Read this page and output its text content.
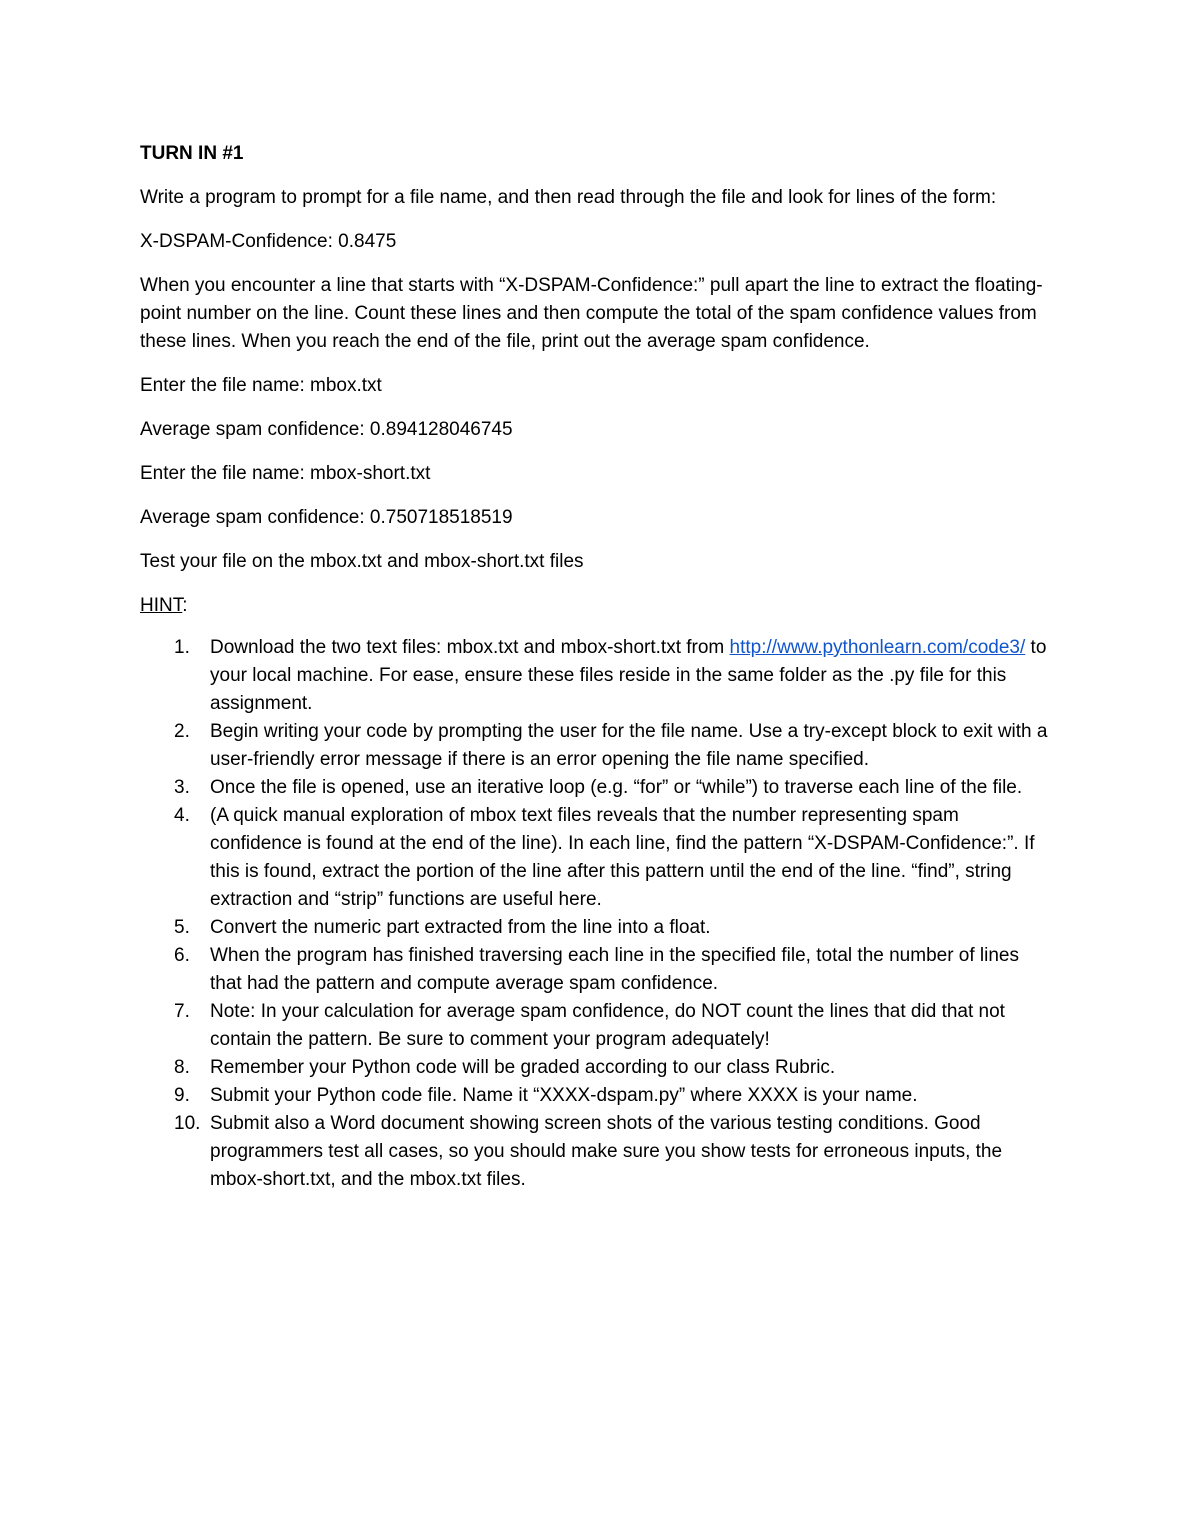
TURN IN #1

Write a program to prompt for a file name, and then read through the file and look for lines of the form:

X-DSPAM-Confidence: 0.8475

When you encounter a line that starts with “X-DSPAM-Confidence:” pull apart the line to extract the floating-point number on the line. Count these lines and then compute the total of the spam confidence values from these lines. When you reach the end of the file, print out the average spam confidence.

Enter the file name: mbox.txt

Average spam confidence: 0.894128046745

Enter the file name: mbox-short.txt

Average spam confidence: 0.750718518519

Test your file on the mbox.txt and mbox-short.txt files

HINT:

1.	Download the two text files: mbox.txt and mbox-short.txt from http://www.pythonlearn.com/code3/ to your local machine. For ease, ensure these files reside in the same folder as the .py file for this assignment.
2.	Begin writing your code by prompting the user for the file name. Use a try-except block to exit with a user-friendly error message if there is an error opening the file name specified.
3.	Once the file is opened, use an iterative loop (e.g. “for” or “while”) to traverse each line of the file.
4.	(A quick manual exploration of mbox text files reveals that the number representing spam confidence is found at the end of the line). In each line, find the pattern “X-DSPAM-Confidence:”. If this is found, extract the portion of the line after this pattern until the end of the line. “find”, string extraction and “strip” functions are useful here.
5.	Convert the numeric part extracted from the line into a float.
6.	When the program has finished traversing each line in the specified file, total the number of lines that had the pattern and compute average spam confidence.
7.	Note: In your calculation for average spam confidence, do NOT count the lines that did that not contain the pattern. Be sure to comment your program adequately!
8.	Remember your Python code will be graded according to our class Rubric.
9.	Submit your Python code file. Name it “XXXX-dspam.py” where XXXX is your name.
10. Submit also a Word document showing screen shots of the various testing conditions. Good programmers test all cases, so you should make sure you show tests for erroneous inputs, the mbox-short.txt, and the mbox.txt files.
